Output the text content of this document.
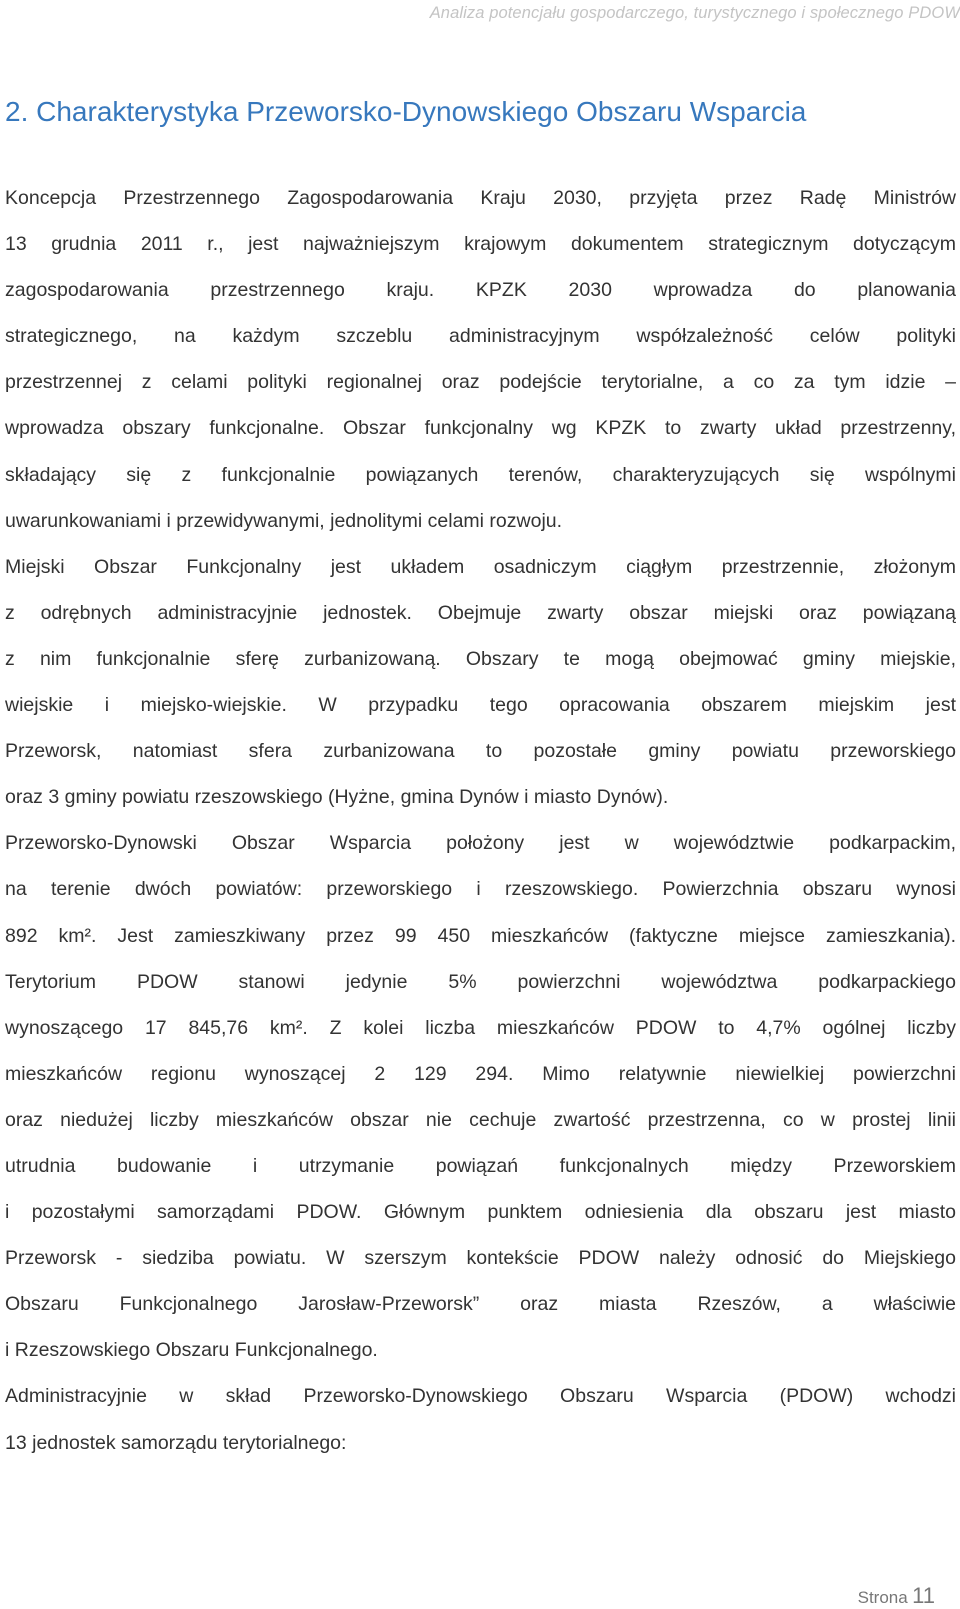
Analiza potencjału gospodarczego, turystycznego i społecznego PDOW
2. Charakterystyka Przeworsko-Dynowskiego Obszaru Wsparcia

Koncepcja Przestrzennego Zagospodarowania Kraju 2030, przyjęta przez Radę Ministrów
13 grudnia 2011 r., jest najważniejszym krajowym dokumentem strategicznym dotyczącym
zagospodarowania przestrzennego kraju. KPZK 2030 wprowadza do planowania
strategicznego, na każdym szczeblu administracyjnym współzależność celów polityki
przestrzennej z celami polityki regionalnej oraz podejście terytorialne, a co za tym idzie –
wprowadza obszary funkcjonalne. Obszar funkcjonalny wg KPZK to zwarty układ przestrzenny,
składający się z funkcjonalnie powiązanych terenów, charakteryzujących się wspólnymi
uwarunkowaniami i przewidywanymi, jednolitymi celami rozwoju.

Miejski Obszar Funkcjonalny jest układem osadniczym ciągłym przestrzennie, złożonym
z odrębnych administracyjnie jednostek. Obejmuje zwarty obszar miejski oraz powiązaną
z nim funkcjonalnie sferę zurbanizowaną. Obszary te mogą obejmować gminy miejskie,
wiejskie i miejsko-wiejskie. W przypadku tego opracowania obszarem miejskim jest
Przeworsk, natomiast sfera zurbanizowana to pozostałe gminy powiatu przeworskiego
oraz 3 gminy powiatu rzeszowskiego (Hyżne, gmina Dynów i miasto Dynów).

Przeworsko-Dynowski Obszar Wsparcia położony jest w województwie podkarpackim,
na terenie dwóch powiatów: przeworskiego i rzeszowskiego. Powierzchnia obszaru wynosi
892 km². Jest zamieszkiwany przez 99 450 mieszkańców (faktyczne miejsce zamieszkania).
Terytorium PDOW stanowi jedynie 5% powierzchni województwa podkarpackiego
wynoszącego 17 845,76 km². Z kolei liczba mieszkańców PDOW to 4,7% ogólnej liczby
mieszkańców regionu wynoszącej 2 129 294. Mimo relatywnie niewielkiej powierzchni
oraz niedużej liczby mieszkańców obszar nie cechuje zwartość przestrzenna, co w prostej linii
utrudnia budowanie i utrzymanie powiązań funkcjonalnych między Przeworskiem
i pozostałymi samorządami PDOW. Głównym punktem odniesienia dla obszaru jest miasto
Przeworsk - siedziba powiatu. W szerszym kontekście PDOW należy odnosić do Miejskiego
Obszaru Funkcjonalnego Jarosław-Przeworsk” oraz miasta Rzeszów, a właściwie
i Rzeszowskiego Obszaru Funkcjonalnego.

Administracyjnie w skład Przeworsko-Dynowskiego Obszaru Wsparcia (PDOW) wchodzi
13 jednostek samorządu terytorialnego:

Strona 11
